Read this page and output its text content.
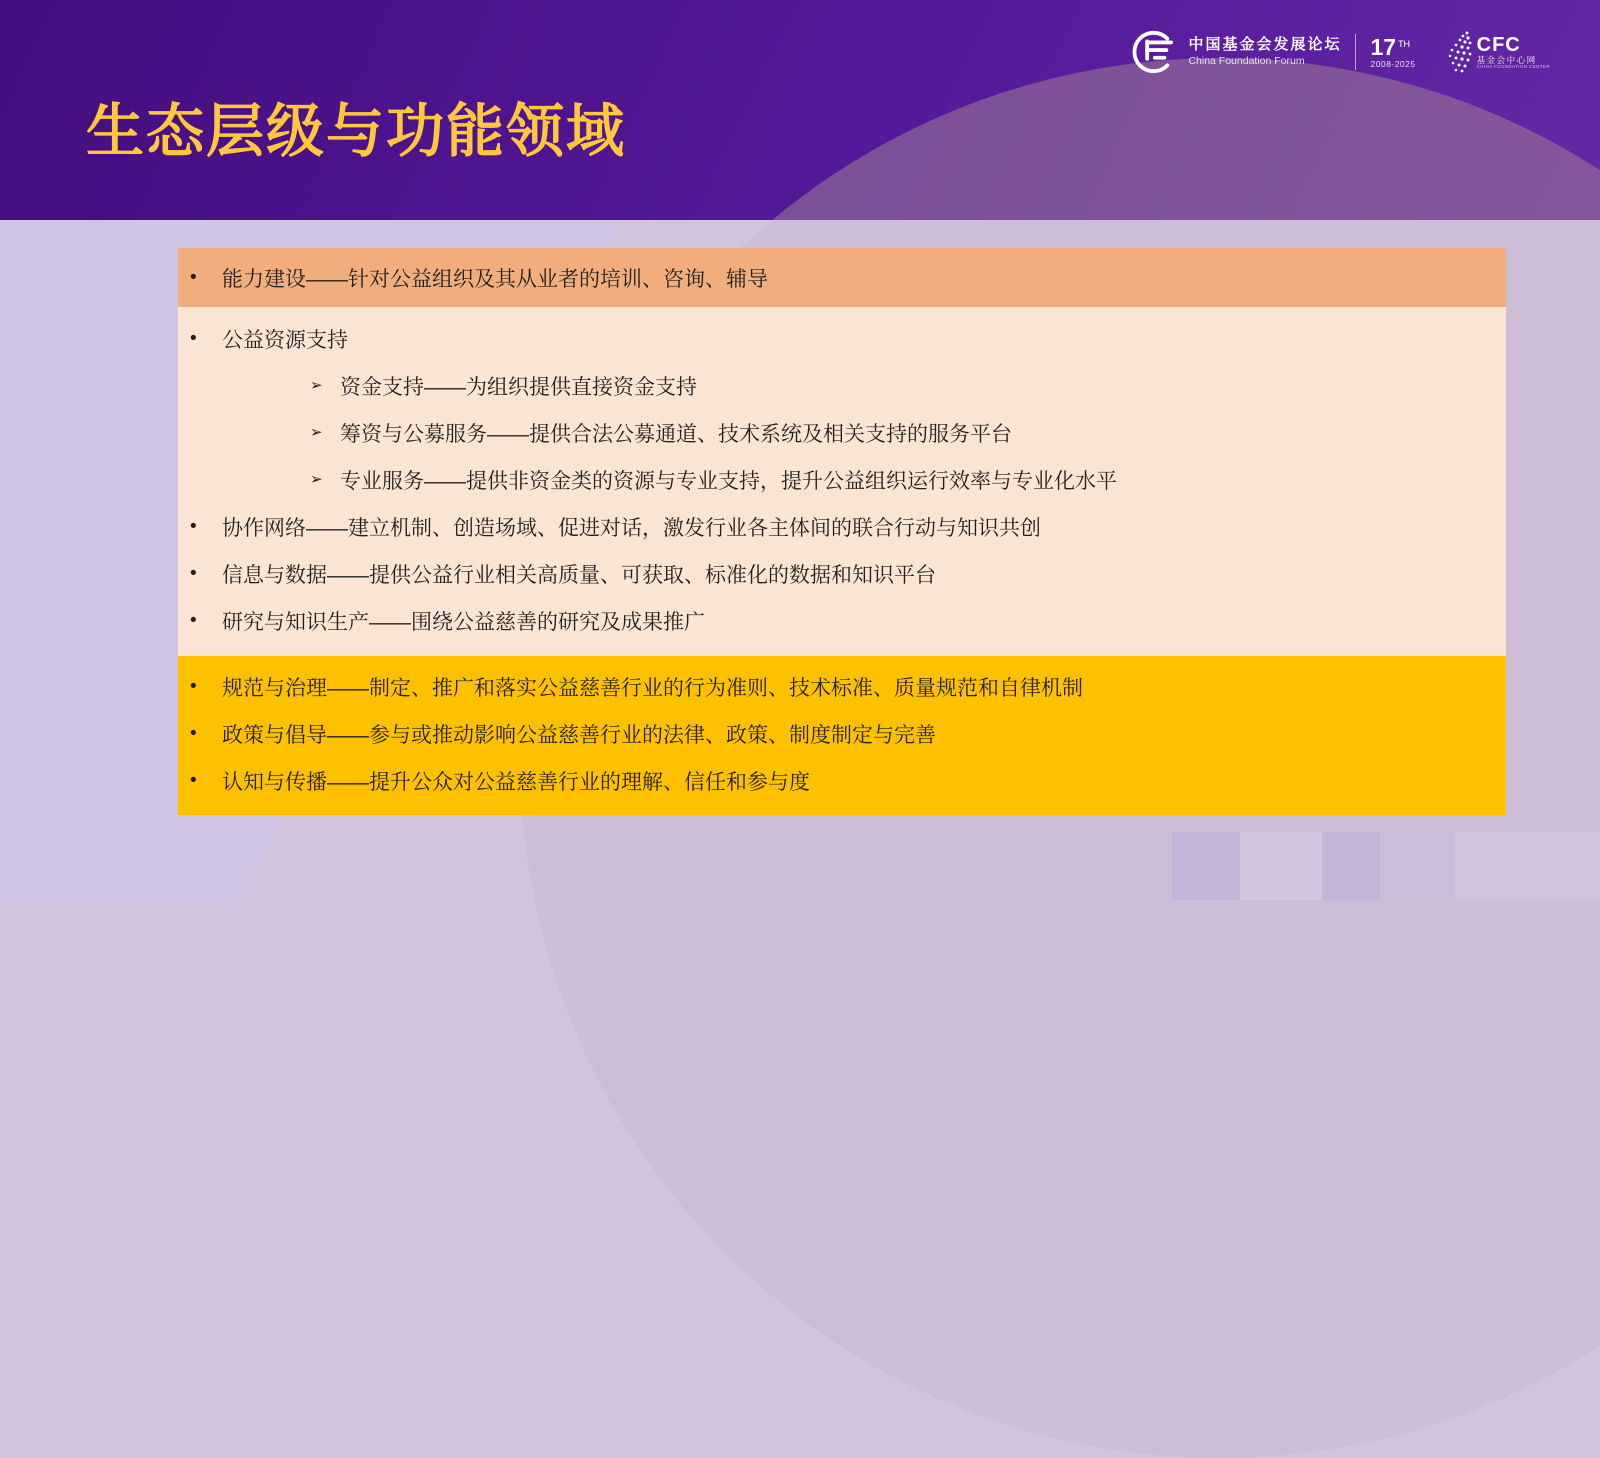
生态层级与功能领域
中国基金会发展论坛
China Foundation Forum
17 $^{TH}$
2008-2025
CFC
基金会中心网
CHINA FOUNDATION CENTER
•	能力建设——针对公益组织及其从业者的培训、咨询、辅导
•	公益资源支持
➢ 资金支持——为组织提供直接资金支持
➢ 筹资与公募服务——提供合法公募通道、技术系统及相关支持的服务平台
➢ 专业服务——提供非资金类的资源与专业支持，提升公益组织运行效率与专业化水平
•	协作网络——建立机制、创造场域、促进对话，激发行业各主体间的联合行动与知识共创
•	信息与数据——提供公益行业相关高质量、可获取、标准化的数据和知识平台
•	研究与知识生产——围绕公益慈善的研究及成果推广
•	规范与治理——制定、推广和落实公益慈善行业的行为准则、技术标准、质量规范和自律机制
•	政策与倡导——参与或推动影响公益慈善行业的法律、政策、制度制定与完善
•	认知与传播——提升公众对公益慈善行业的理解、信任和参与度
